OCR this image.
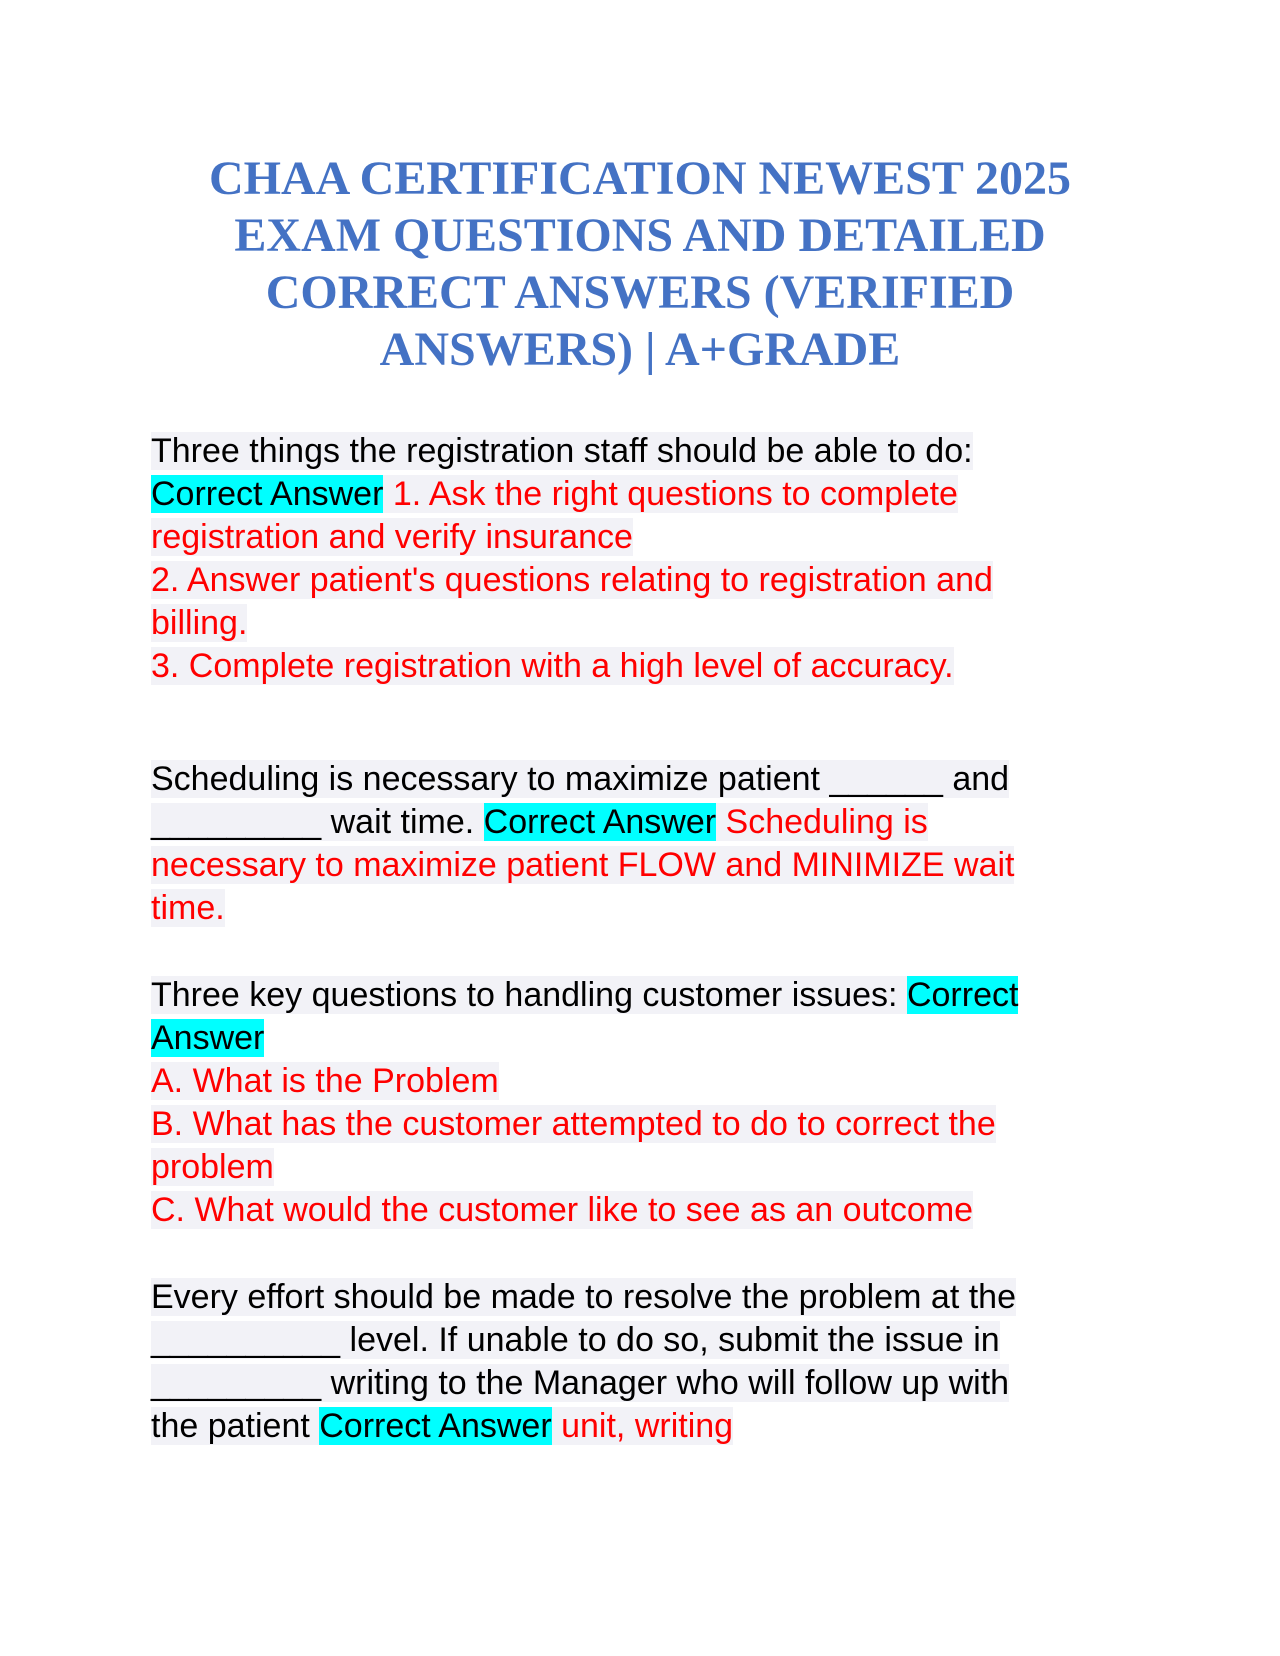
CHAA CERTIFICATION NEWEST 2025
EXAM QUESTIONS AND DETAILED
CORRECT ANSWERS (VERIFIED
ANSWERS) | A+GRADE
Three things the registration staff should be able to do:
Correct Answer 1. Ask the right questions to complete
registration and verify insurance
2. Answer patient's questions relating to registration and
billing.
3. Complete registration with a high level of accuracy.
Scheduling is necessary to maximize patient ______ and
_________ wait time. Correct Answer Scheduling is
necessary to maximize patient FLOW and MINIMIZE wait
time.
Three key questions to handling customer issues: Correct
Answer
A. What is the Problem
B. What has the customer attempted to do to correct the
problem
C. What would the customer like to see as an outcome
Every effort should be made to resolve the problem at the
__________ level. If unable to do so, submit the issue in
_________ writing to the Manager who will follow up with
the patient Correct Answer unit, writing
